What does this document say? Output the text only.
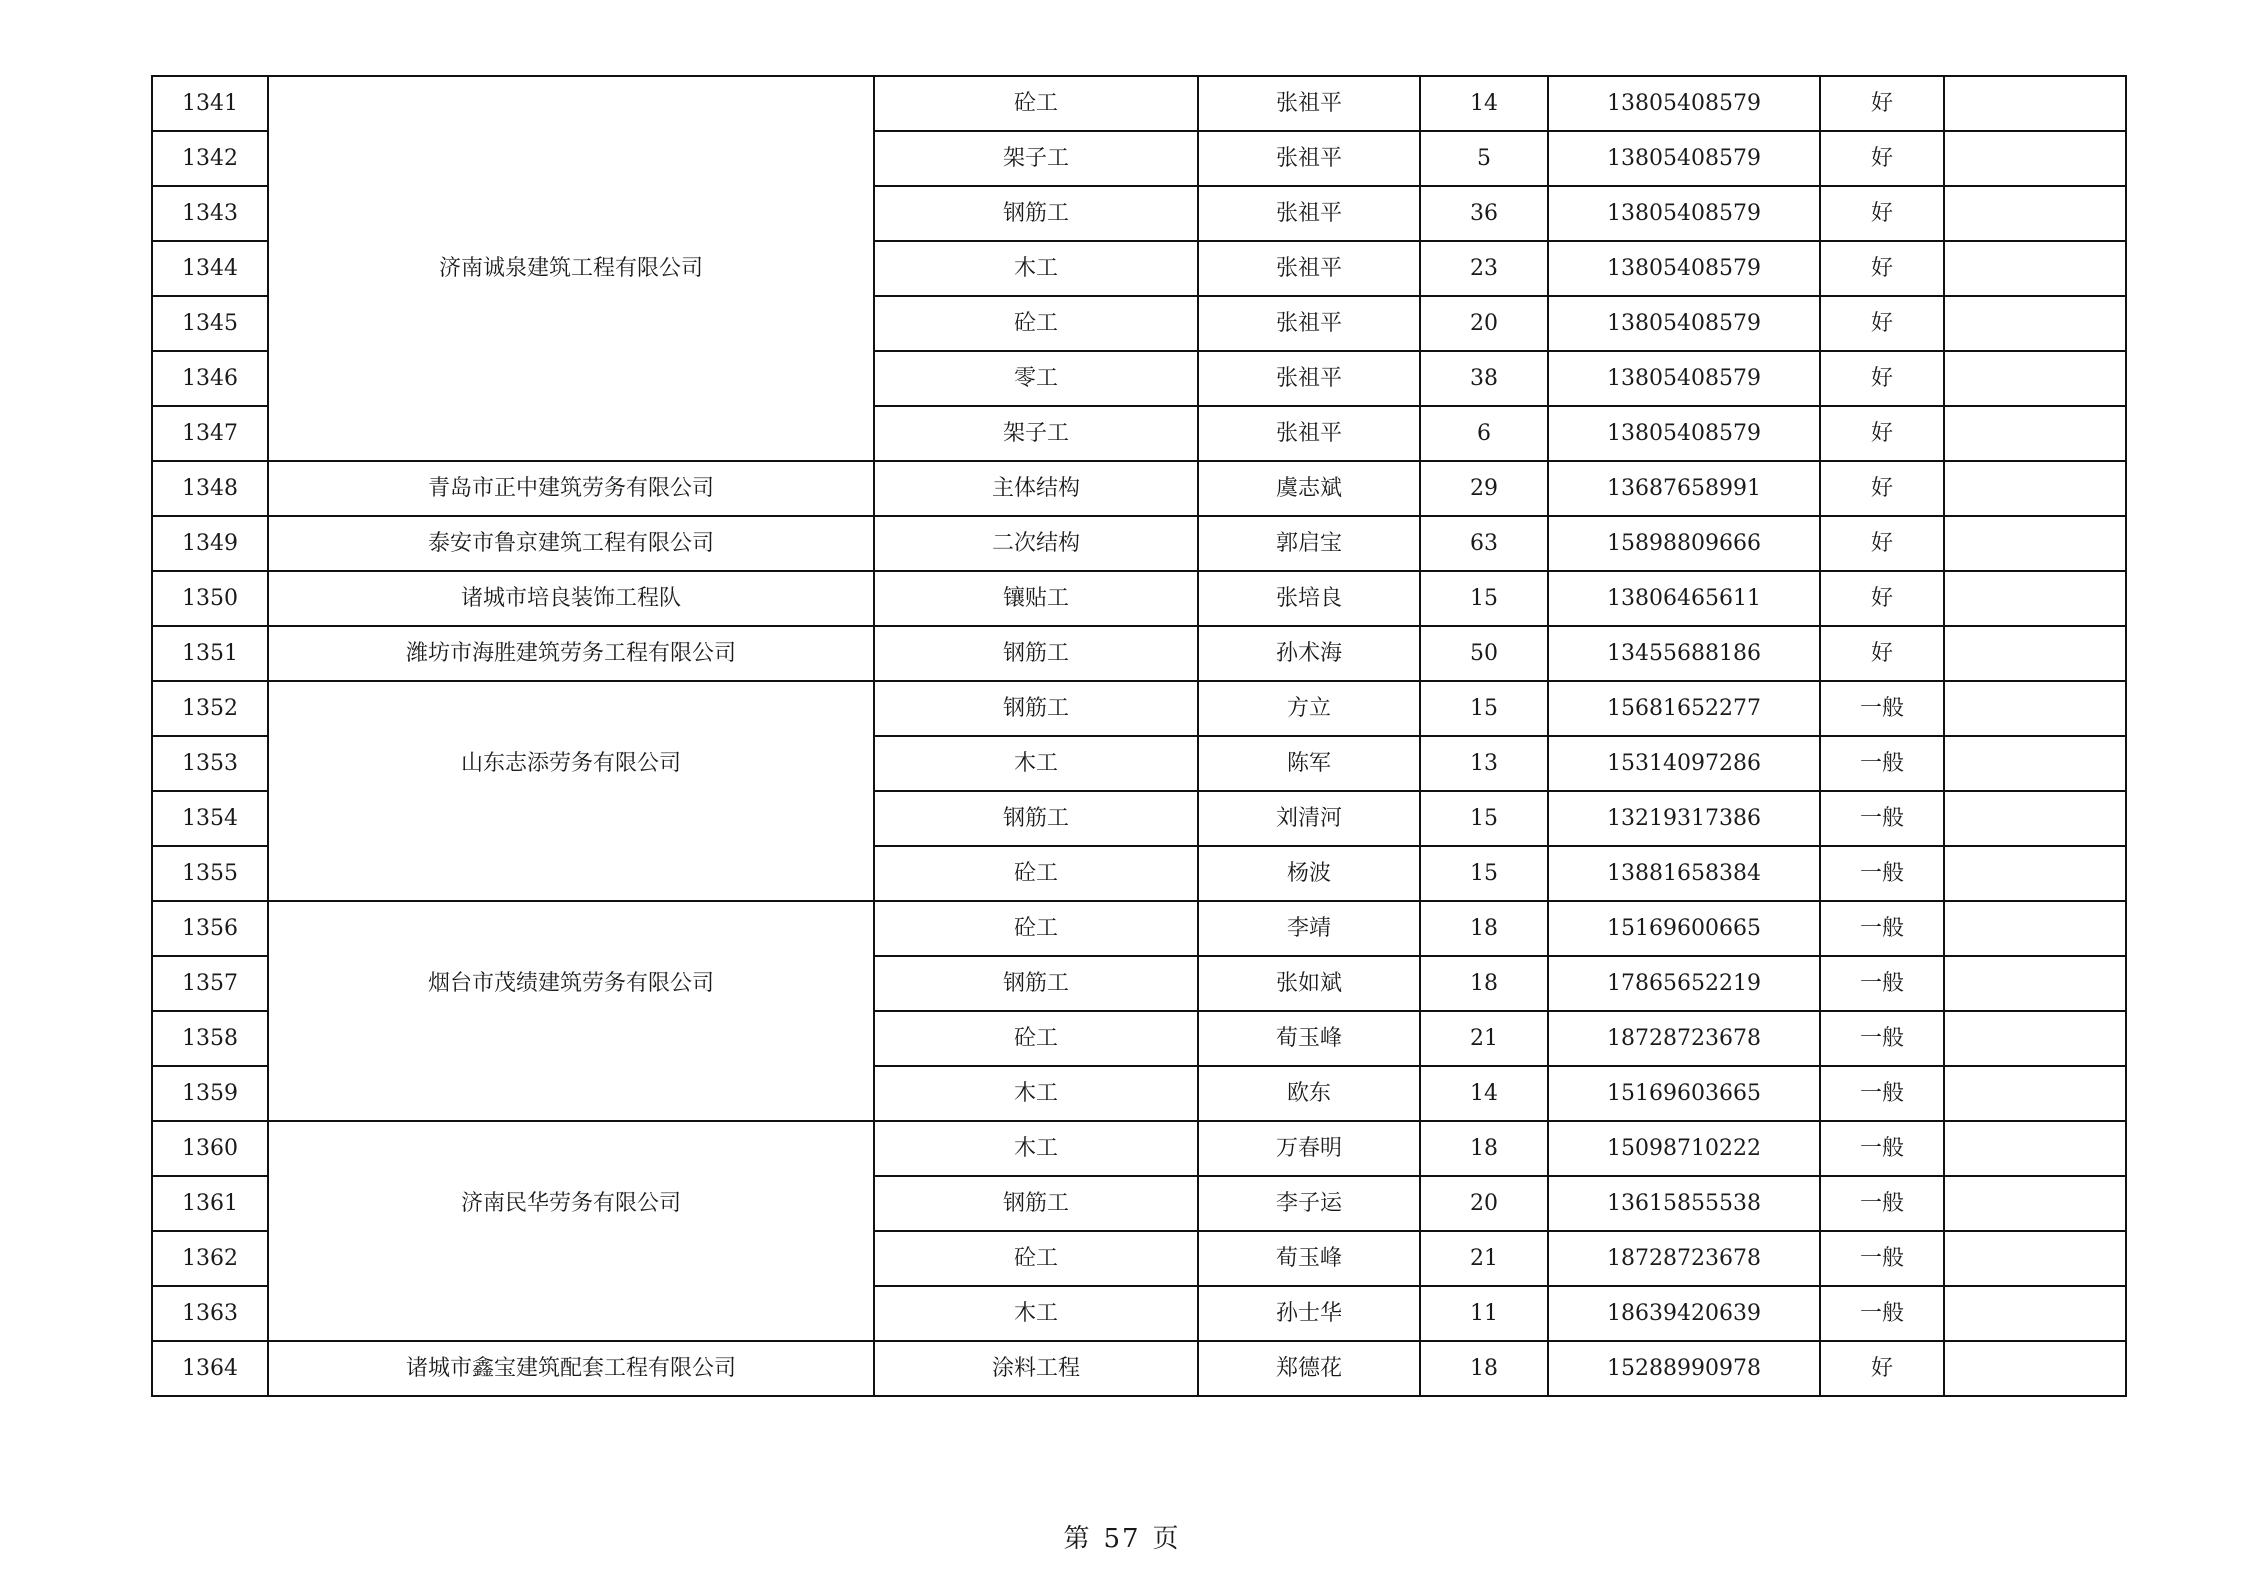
1341		砼工	张祖平	14	13805408579	好	
1342		架子工	张祖平	5	13805408579	好	
1343		钢筋工	张祖平	36	13805408579	好	
1344	济南诚泉建筑工程有限公司	木工	张祖平	23	13805408579	好	
1345		砼工	张祖平	20	13805408579	好	
1346		零工	张祖平	38	13805408579	好	
1347		架子工	张祖平	6	13805408579	好	
1348	青岛市正中建筑劳务有限公司	主体结构	虞志斌	29	13687658991	好	
1349	泰安市鲁京建筑工程有限公司	二次结构	郭启宝	63	15898809666	好	
1350	诸城市培良装饰工程队	镶贴工	张培良	15	13806465611	好	
1351	潍坊市海胜建筑劳务工程有限公司	钢筋工	孙术海	50	13455688186	好	
1352		钢筋工	方立	15	15681652277	一般	
1353	山东志添劳务有限公司	木工	陈军	13	15314097286	一般	
1354		钢筋工	刘清河	15	13219317386	一般	
1355		砼工	杨波	15	13881658384	一般	
1356		砼工	李靖	18	15169600665	一般	
1357	烟台市茂绩建筑劳务有限公司	钢筋工	张如斌	18	17865652219	一般	
1358		砼工	荀玉峰	21	18728723678	一般	
1359		木工	欧东	14	15169603665	一般	
1360		木工	万春明	18	15098710222	一般	
1361	济南民华劳务有限公司	钢筋工	李子运	20	13615855538	一般	
1362		砼工	荀玉峰	21	18728723678	一般	
1363		木工	孙士华	11	18639420639	一般	
1364	诸城市鑫宝建筑配套工程有限公司	涂料工程	郑德花	18	15288990978	好	
第 57 页
